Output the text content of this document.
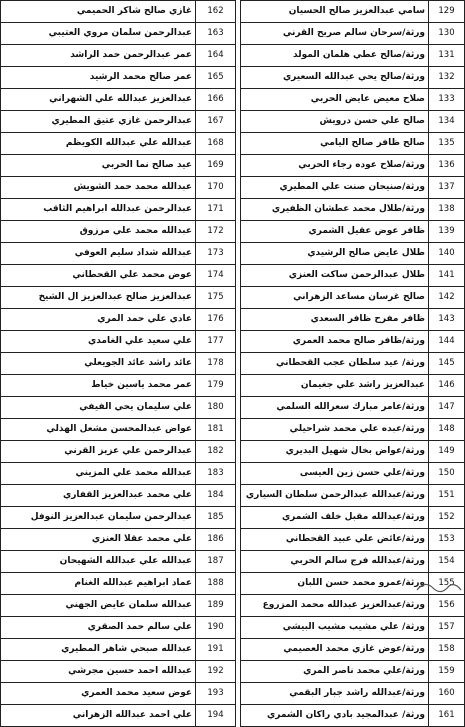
غازي صالح شاكر الحميمي	162
عبدالرحمن سلمان مروي العتيبي	163
عمر عبدالرحمن حمد الراشد	164
عمر صالح محمد الرشيد	165
عبدالعزيز عبدالله علي الشهراني	166
عبدالرحمن غازي عتيق المطيري	167
عبدالله علي عبدالله الكويظم	168
عيد صالح نما الحربي	169
عبدالله محمد حمد الشويش	170
عبدالرحمن عبدالله ابراهيم الثاقب	171
عبدالله محمد علي مرزوق	172
عبدالله شداد سليم العوفي	173
عوض محمد علي القحطاني	174
عبدالعزيز صالح عبدالعزيز ال الشيخ	175
عادي علي حمد المري	176
علي سعيد علي الغامدي	177
عائد راشد عائد الجويعلي	178
عمر محمد ياسين خياط	179
علي سليمان يحي الفيفي	180
عواض عبدالمحسن مشعل الهذلي	181
عبدالرحمن علي عزيز القرني	182
عبدالله محمد علي المزيني	183
علي محمد عبدالعزيز القفاري	184
عبدالرحمن سليمان عبدالعزيز النوفل	185
علي محمد عقلا العنزي	186
عبدالله علي عبدالله الشهيحان	187
عماد ابراهيم عبدالله الغنام	188
عبدالله سلمان عايض الجهني	189
علي سالم حمد الصقري	190
عبدالله صبحي شاهر المطيري	191
عبدالله احمد حسين مجرشي	192
عوض سعيد محمد العمري	193
علي احمد عبدالله الزهراني	194
سامي عبدالعزيز صالح الحسيان	129
ورثة/سرحان سالم صريح القرني	130
ورثة/صالح عطي هلمان المولد	131
ورثة/صالح يحي عبدالله السعيري	132
صلاح معيض عايض الحربي	133
صالح علي حسن درويش	134
صالح ظافر صالح اليامي	135
ورثة/صلاح عوده رجاء الحربي	136
ورثة/صنيحان صنت علي المطيري	137
ورثة/طلال محمد عطشان الظفيري	138
ظافر عوض عقيل الشمري	139
طلال عايض صالح الرشيدي	140
طلال عبدالرحمن ساكت العنزي	141
صالح غرسان مساعد الزهراني	142
ظافر مفرح ظافر السعدي	143
ورثة/ظافر صالح محمد العمري	144
ورثة/ عيد سلطان عجب القحطاني	145
عبدالعزيز راشد علي جغيمان	146
ورثة/عامر مبارك سعرالله السلمي	147
ورثة/عبده علي محمد شراحيلي	148
ورثة/عواض بخال شهيل البديري	149
ورثة/علي حسن زين العيسى	150
ورثة/عبدالله عبدالرحمن سلطان السياري	151
ورثة/عبدالله مقبل خلف الشمري	152
ورثة/عائض علي عبيد القحطاني	153
ورثة/عبدالله فرج سالم الحربي	154
ورثة/عمرو محمد حسن اللبان	155
ورثة/عبدالعزيز عبدالله محمد المزروع	156
ورثة/ علي مشيب مشيب البيشي	157
ورثة/عوض غازي محمد العصيمي	158
ورثة/علي محمد ناصر المري	159
ورثة/عبدالله راشد جبار البقمي	160
ورثة/ عبدالمجيد بادي راكان الشمري	161
